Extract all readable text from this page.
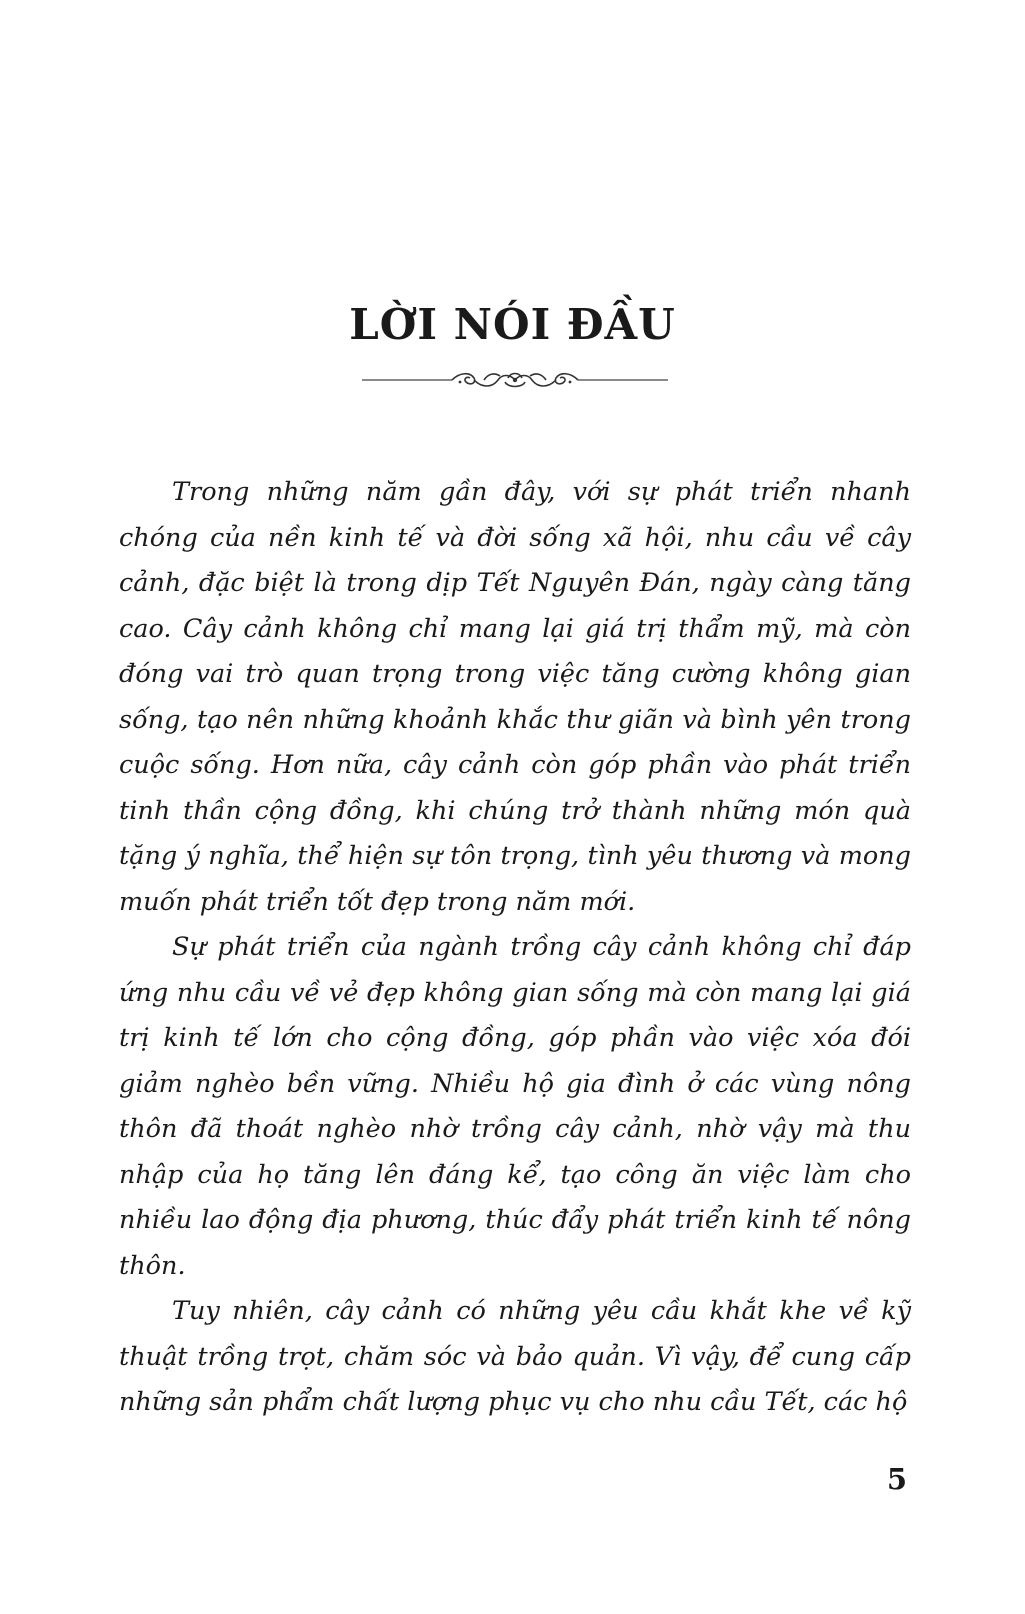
LỜI NÓI ĐẦU

Trong những năm gần đây, với sự phát triển nhanh chóng của nền kinh tế và đời sống xã hội, nhu cầu về cây cảnh, đặc biệt là trong dịp Tết Nguyên Đán, ngày càng tăng cao. Cây cảnh không chỉ mang lại giá trị thẩm mỹ, mà còn đóng vai trò quan trọng trong việc tăng cường không gian sống, tạo nên những khoảnh khắc thư giãn và bình yên trong cuộc sống. Hơn nữa, cây cảnh còn góp phần vào phát triển tinh thần cộng đồng, khi chúng trở thành những món quà tặng ý nghĩa, thể hiện sự tôn trọng, tình yêu thương và mong muốn phát triển tốt đẹp trong năm mới.

Sự phát triển của ngành trồng cây cảnh không chỉ đáp ứng nhu cầu về vẻ đẹp không gian sống mà còn mang lại giá trị kinh tế lớn cho cộng đồng, góp phần vào việc xóa đói giảm nghèo bền vững. Nhiều hộ gia đình ở các vùng nông thôn đã thoát nghèo nhờ trồng cây cảnh, nhờ vậy mà thu nhập của họ tăng lên đáng kể, tạo công ăn việc làm cho nhiều lao động địa phương, thúc đẩy phát triển kinh tế nông thôn.

Tuy nhiên, cây cảnh có những yêu cầu khắt khe về kỹ thuật trồng trọt, chăm sóc và bảo quản. Vì vậy, để cung cấp những sản phẩm chất lượng phục vụ cho nhu cầu Tết, các hộ

5
